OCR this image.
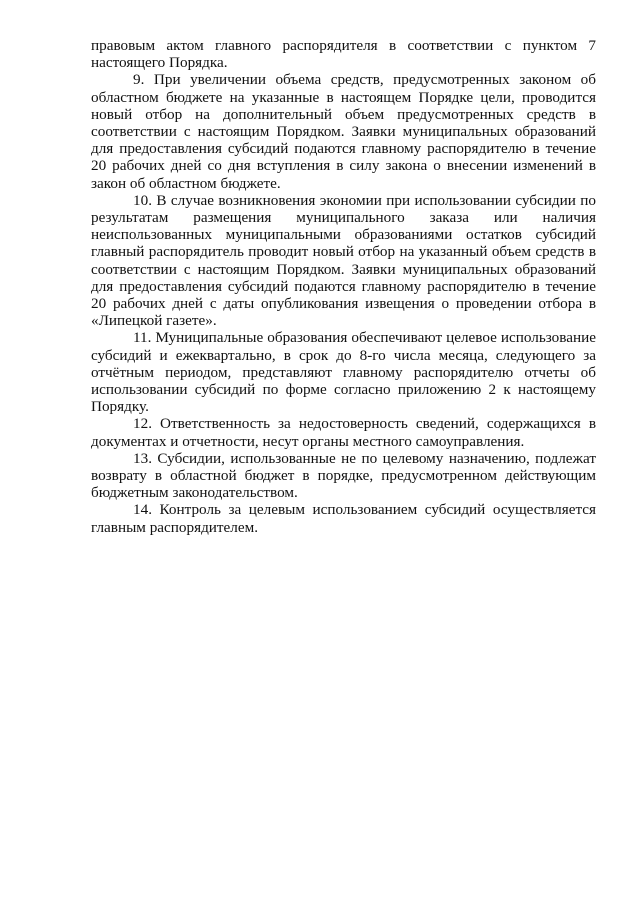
правовым актом главного распорядителя в соответствии с пунктом 7 настоящего Порядка.

9. При увеличении объема средств, предусмотренных законом об областном бюджете на указанные в настоящем Порядке цели, проводится новый отбор на дополнительный объем предусмотренных средств в соответствии с настоящим Порядком. Заявки муниципальных образований для предоставления субсидий подаются главному распорядителю в течение 20 рабочих дней со дня вступления в силу закона о внесении изменений в закон об областном бюджете.

10. В случае возникновения экономии при использовании субсидии по результатам размещения муниципального заказа или наличия неиспользованных муниципальными образованиями остатков субсидий главный распорядитель проводит новый отбор на указанный объем средств в соответствии с настоящим Порядком. Заявки муниципальных образований для предоставления субсидий подаются главному распорядителю в течение 20 рабочих дней с даты опубликования извещения о проведении отбора в «Липецкой газете».

11. Муниципальные образования обеспечивают целевое использование субсидий и ежеквартально, в срок до 8-го числа месяца, следующего за отчётным периодом, представляют главному распорядителю отчеты об использовании субсидий по форме согласно приложению 2 к настоящему Порядку.

12. Ответственность за недостоверность сведений, содержащихся в документах и отчетности, несут органы местного самоуправления.

13. Субсидии, использованные не по целевому назначению, подлежат возврату в областной бюджет в порядке, предусмотренном действующим бюджетным законодательством.

14. Контроль за целевым использованием субсидий осуществляется главным распорядителем.
